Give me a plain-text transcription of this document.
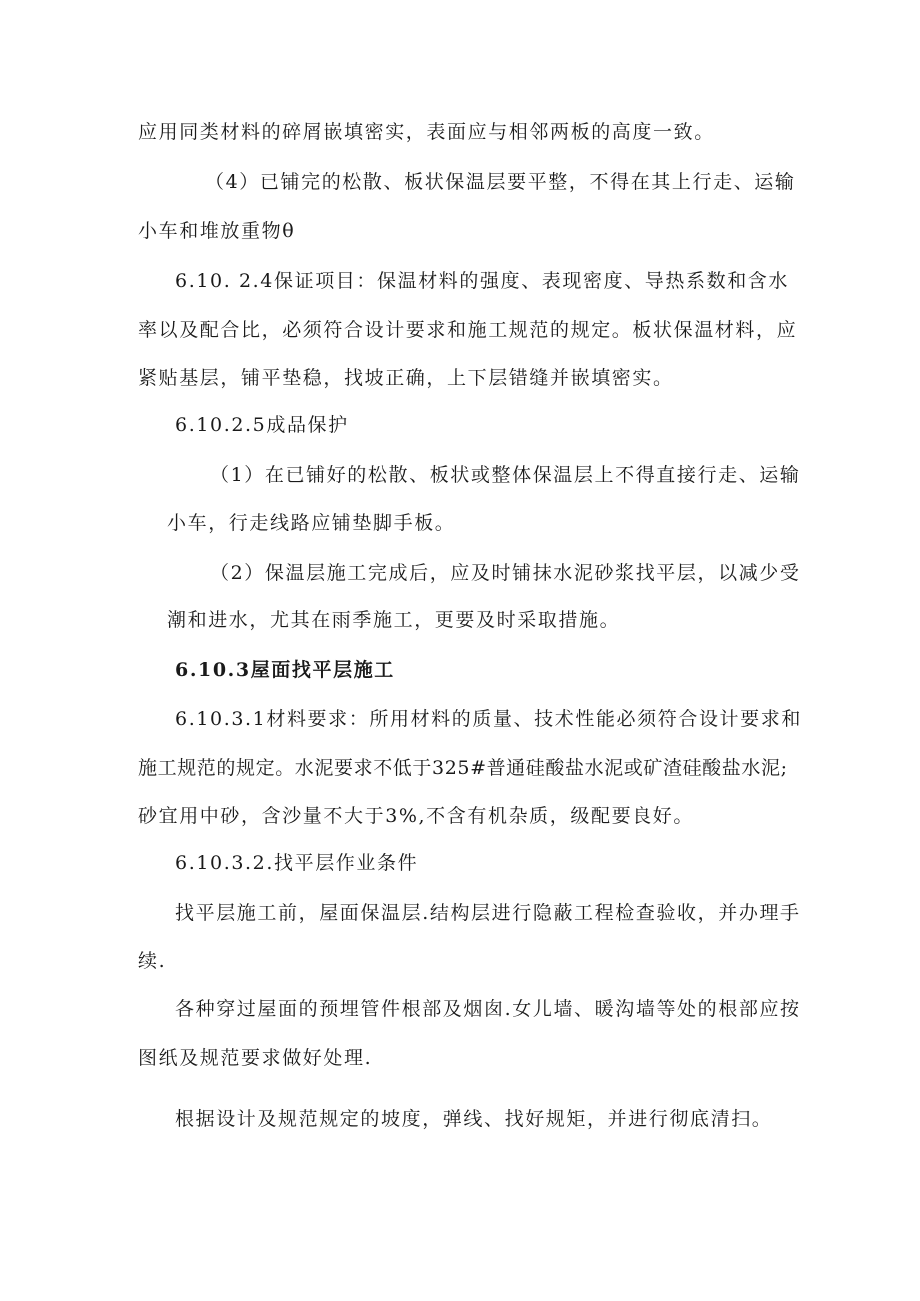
应用同类材料的碎屑嵌填密实，表面应与相邻两板的高度一致。

（4）已铺完的松散、板状保温层要平整，不得在其上行走、运输

小车和堆放重物θ

6.10. 2.4保证项目：保温材料的强度、表现密度、导热系数和含水

率以及配合比，必须符合设计要求和施工规范的规定。板状保温材料，应

紧贴基层，铺平垫稳，找坡正确，上下层错缝并嵌填密实。

6.10.2.5成品保护

（1）在已铺好的松散、板状或整体保温层上不得直接行走、运输

小车，行走线路应铺垫脚手板。

（2）保温层施工完成后，应及时铺抹水泥砂浆找平层，以减少受

潮和进水，尤其在雨季施工，更要及时采取措施。

6.10.3屋面找平层施工

6.10.3.1材料要求：所用材料的质量、技术性能必须符合设计要求和

施工规范的规定。水泥要求不低于325#普通硅酸盐水泥或矿渣硅酸盐水泥;

砂宜用中砂，含沙量不大于3%,不含有机杂质，级配要良好。

6.10.3.2.找平层作业条件

找平层施工前，屋面保温层.结构层进行隐蔽工程检查验收，并办理手

续.

各种穿过屋面的预埋管件根部及烟囱.女儿墙、暖沟墙等处的根部应按

图纸及规范要求做好处理.

根据设计及规范规定的坡度，弹线、找好规矩，并进行彻底清扫。
